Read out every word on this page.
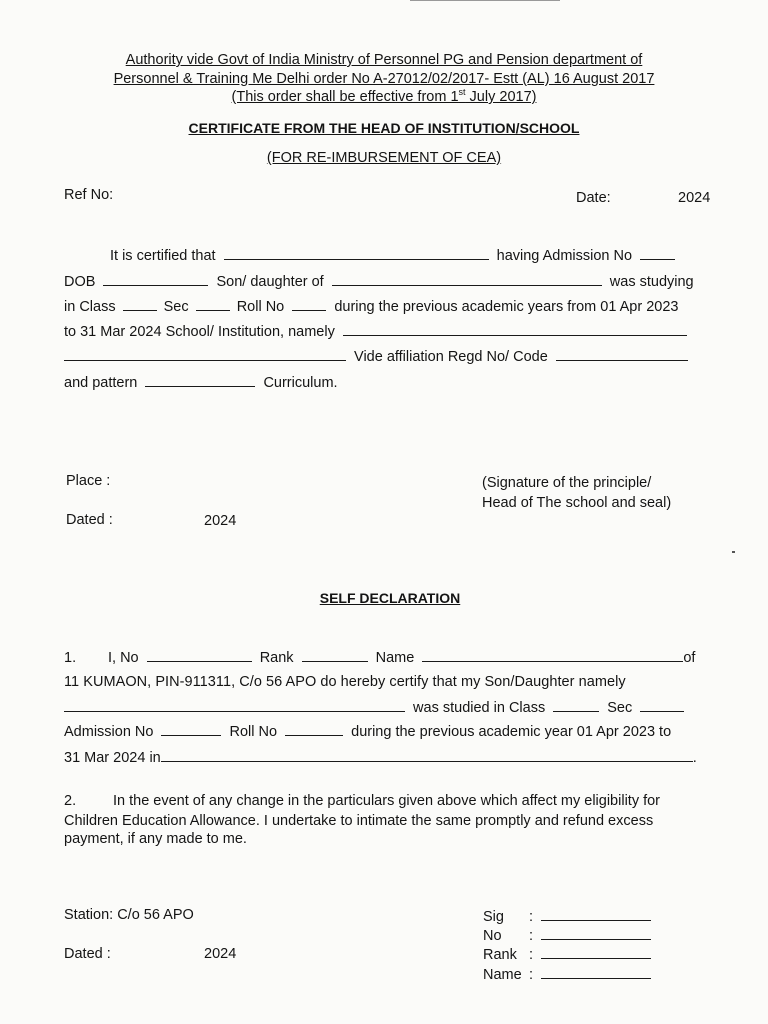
Authority vide Govt of India Ministry of Personnel PG and Pension department of
Personnel & Training Me Delhi order No A-27012/02/2017- Estt (AL) 16 August 2017
(This order shall be effective from 1st July 2017)
CERTIFICATE FROM THE HEAD OF INSTITUTION/SCHOOL
(FOR RE-IMBURSEMENT OF CEA)
Ref No:	Date:	2024
It is certified that	having Admission No
DOB	Son/ daughter of	was studying
in Class	Sec	Roll No	during the previous academic years from 01 Apr 2023
to 31 Mar 2024 School/ Institution, namely
Vide affiliation Regd No/ Code
and pattern	Curriculum.
Place :
Dated :	2024
(Signature of the principle/
Head of The school and seal)
SELF DECLARATION
1. I, No	Rank	Name	of
11 KUMAON, PIN-911311, C/o 56 APO do hereby certify that my Son/Daughter namely
was studied in Class	Sec
Admission No	Roll No	during the previous academic year 01 Apr 2023 to
31 Mar 2024 in	.
2.	In the event of any change in the particulars given above which affect my eligibility for
Children Education Allowance. I undertake to intimate the same promptly and refund excess
payment, if any made to me.
Station: C/o 56 APO
Dated :	2024
Sig :
No :
Rank :
Name :
